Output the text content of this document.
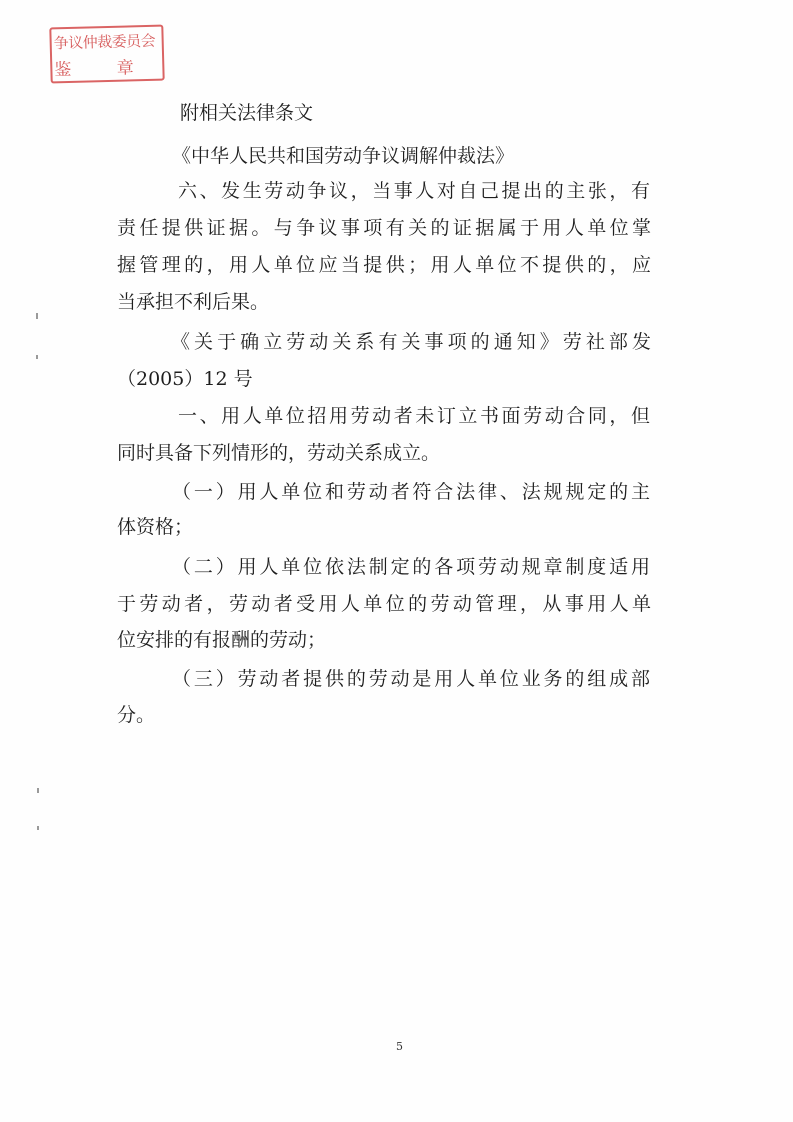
争议仲裁委员会
鉴 章
附相关法律条文
《中华人民共和国劳动争议调解仲裁法》
六、发生劳动争议，当事人对自己提出的主张，有
责任提供证据。与争议事项有关的证据属于用人单位掌
握管理的，用人单位应当提供；用人单位不提供的，应
当承担不利后果。
《关于确立劳动关系有关事项的通知》劳社部发
（2005）12 号
一、用人单位招用劳动者未订立书面劳动合同，但
同时具备下列情形的，劳动关系成立。
（一）用人单位和劳动者符合法律、法规规定的主
体资格；
（二）用人单位依法制定的各项劳动规章制度适用
于劳动者，劳动者受用人单位的劳动管理，从事用人单
位安排的有报酬的劳动；
（三）劳动者提供的劳动是用人单位业务的组成部
分。
5
